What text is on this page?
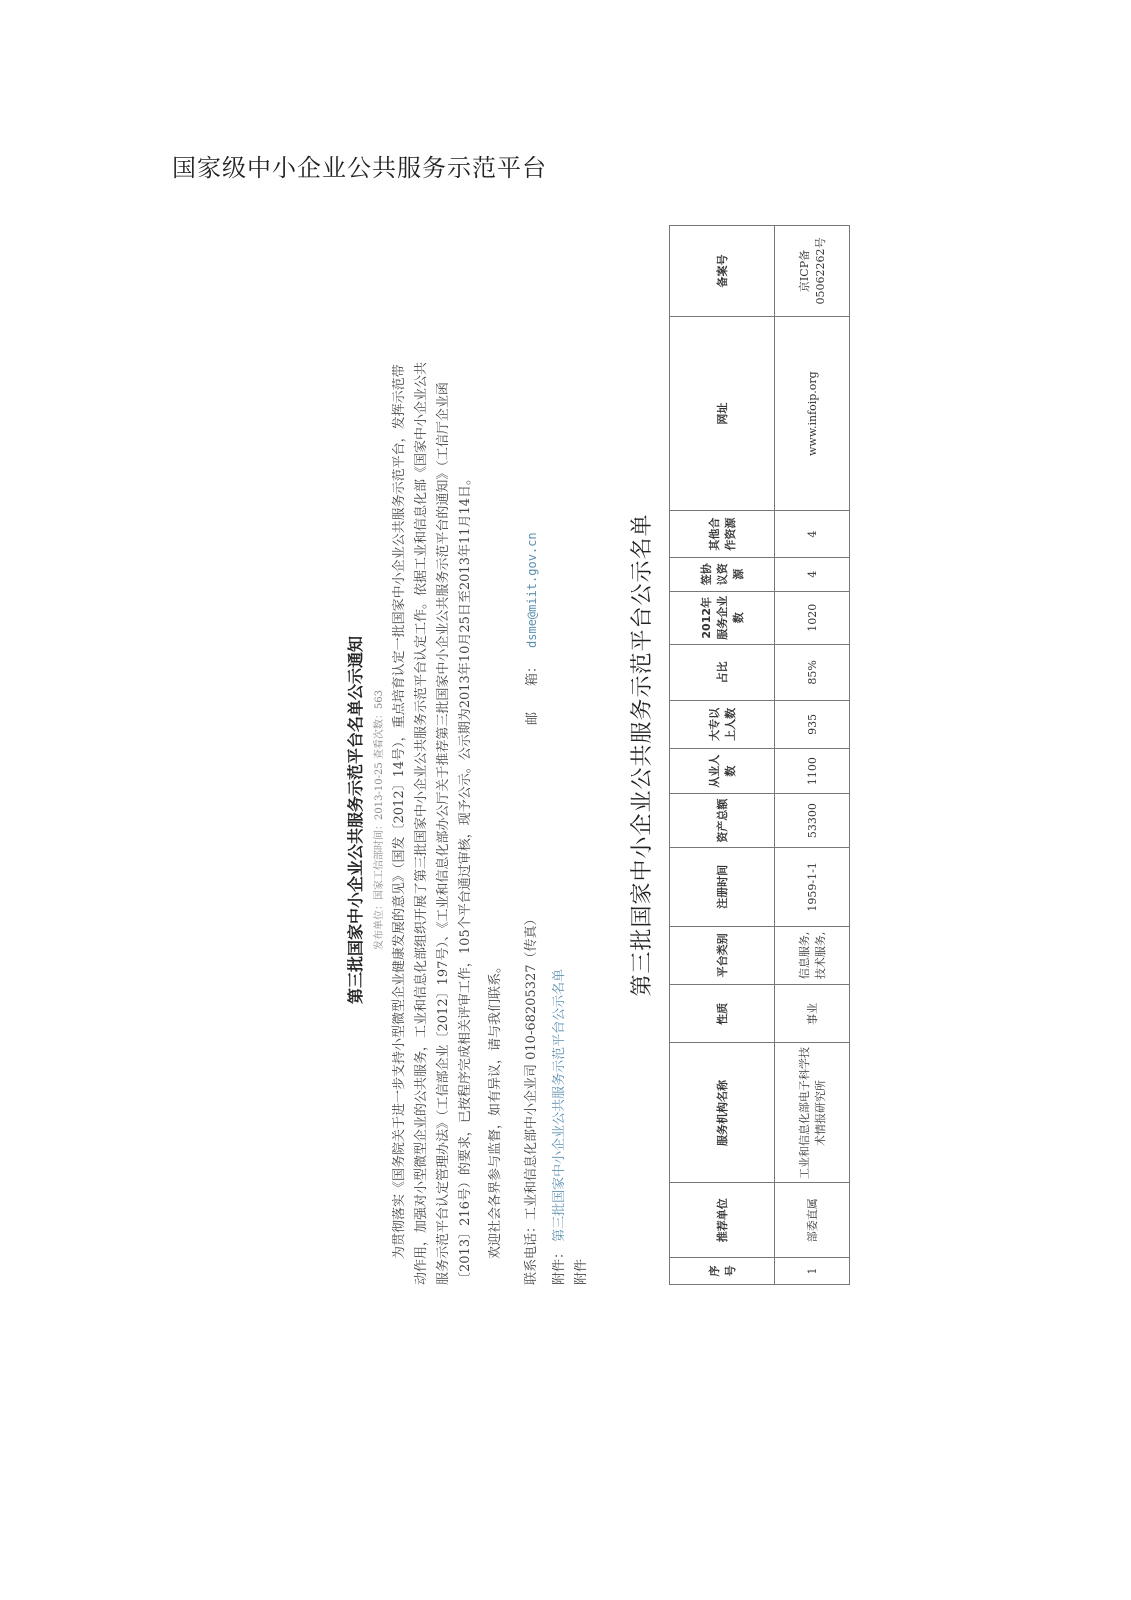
国家级中小企业公共服务示范平台
第三批国家中小企业公共服务示范平台名单公示通知 发布单位：国家工信部时间：2013-10-25 查看次数：563 为贯彻落实《国务院关于进一步支持小型微型企业健康发展的意见》（国发〔2012〕14号），重点培育认定一批国家中小企业公共服务示范平台，发挥示范带动作用，加强对小型微型企业的公共服务，工业和信息化部组织开展了第三批国家中小企业公共服务示范平台认定工作。依据工业和信息化部《国家中小企业公共服务示范平台认定管理办法》（工信部企业〔2012〕197号）、《工业和信息化部办公厅关于推荐第三批国家中小企业公共服务示范平台的通知》（工信厅企业函〔2013〕216号）的要求，已按程序完成相关评审工作，105个平台通过审核，现予公示。公示期为2013年10月25日至2013年11月14日。	欢迎社会各界参与监督，如有异议，请与我们联系。	联系电话：工业和信息化部中小企业司 010-68205327（传真）
邮　　箱：dsme@miit.gov.cn
附件： 第三批国家中小企业公共服务示范平台公示名单
附件
第三批国家中小企业公共服务示范平台公示名单
序号	推荐单位	服务机构名称	性质	平台类别	注册时间	资产总额	从业人数	大专以上人数	占比	2012年服务企业数	签协议资源	其他合作资源	网址	备案号
1	部委直属	工业和信息化部电子科学技术情报研究所	事业	信息服务,技术服务,	1959-1-1	53300	1100	935	85%	1020	4	4	www.infoip.org	京ICP备05062262号
